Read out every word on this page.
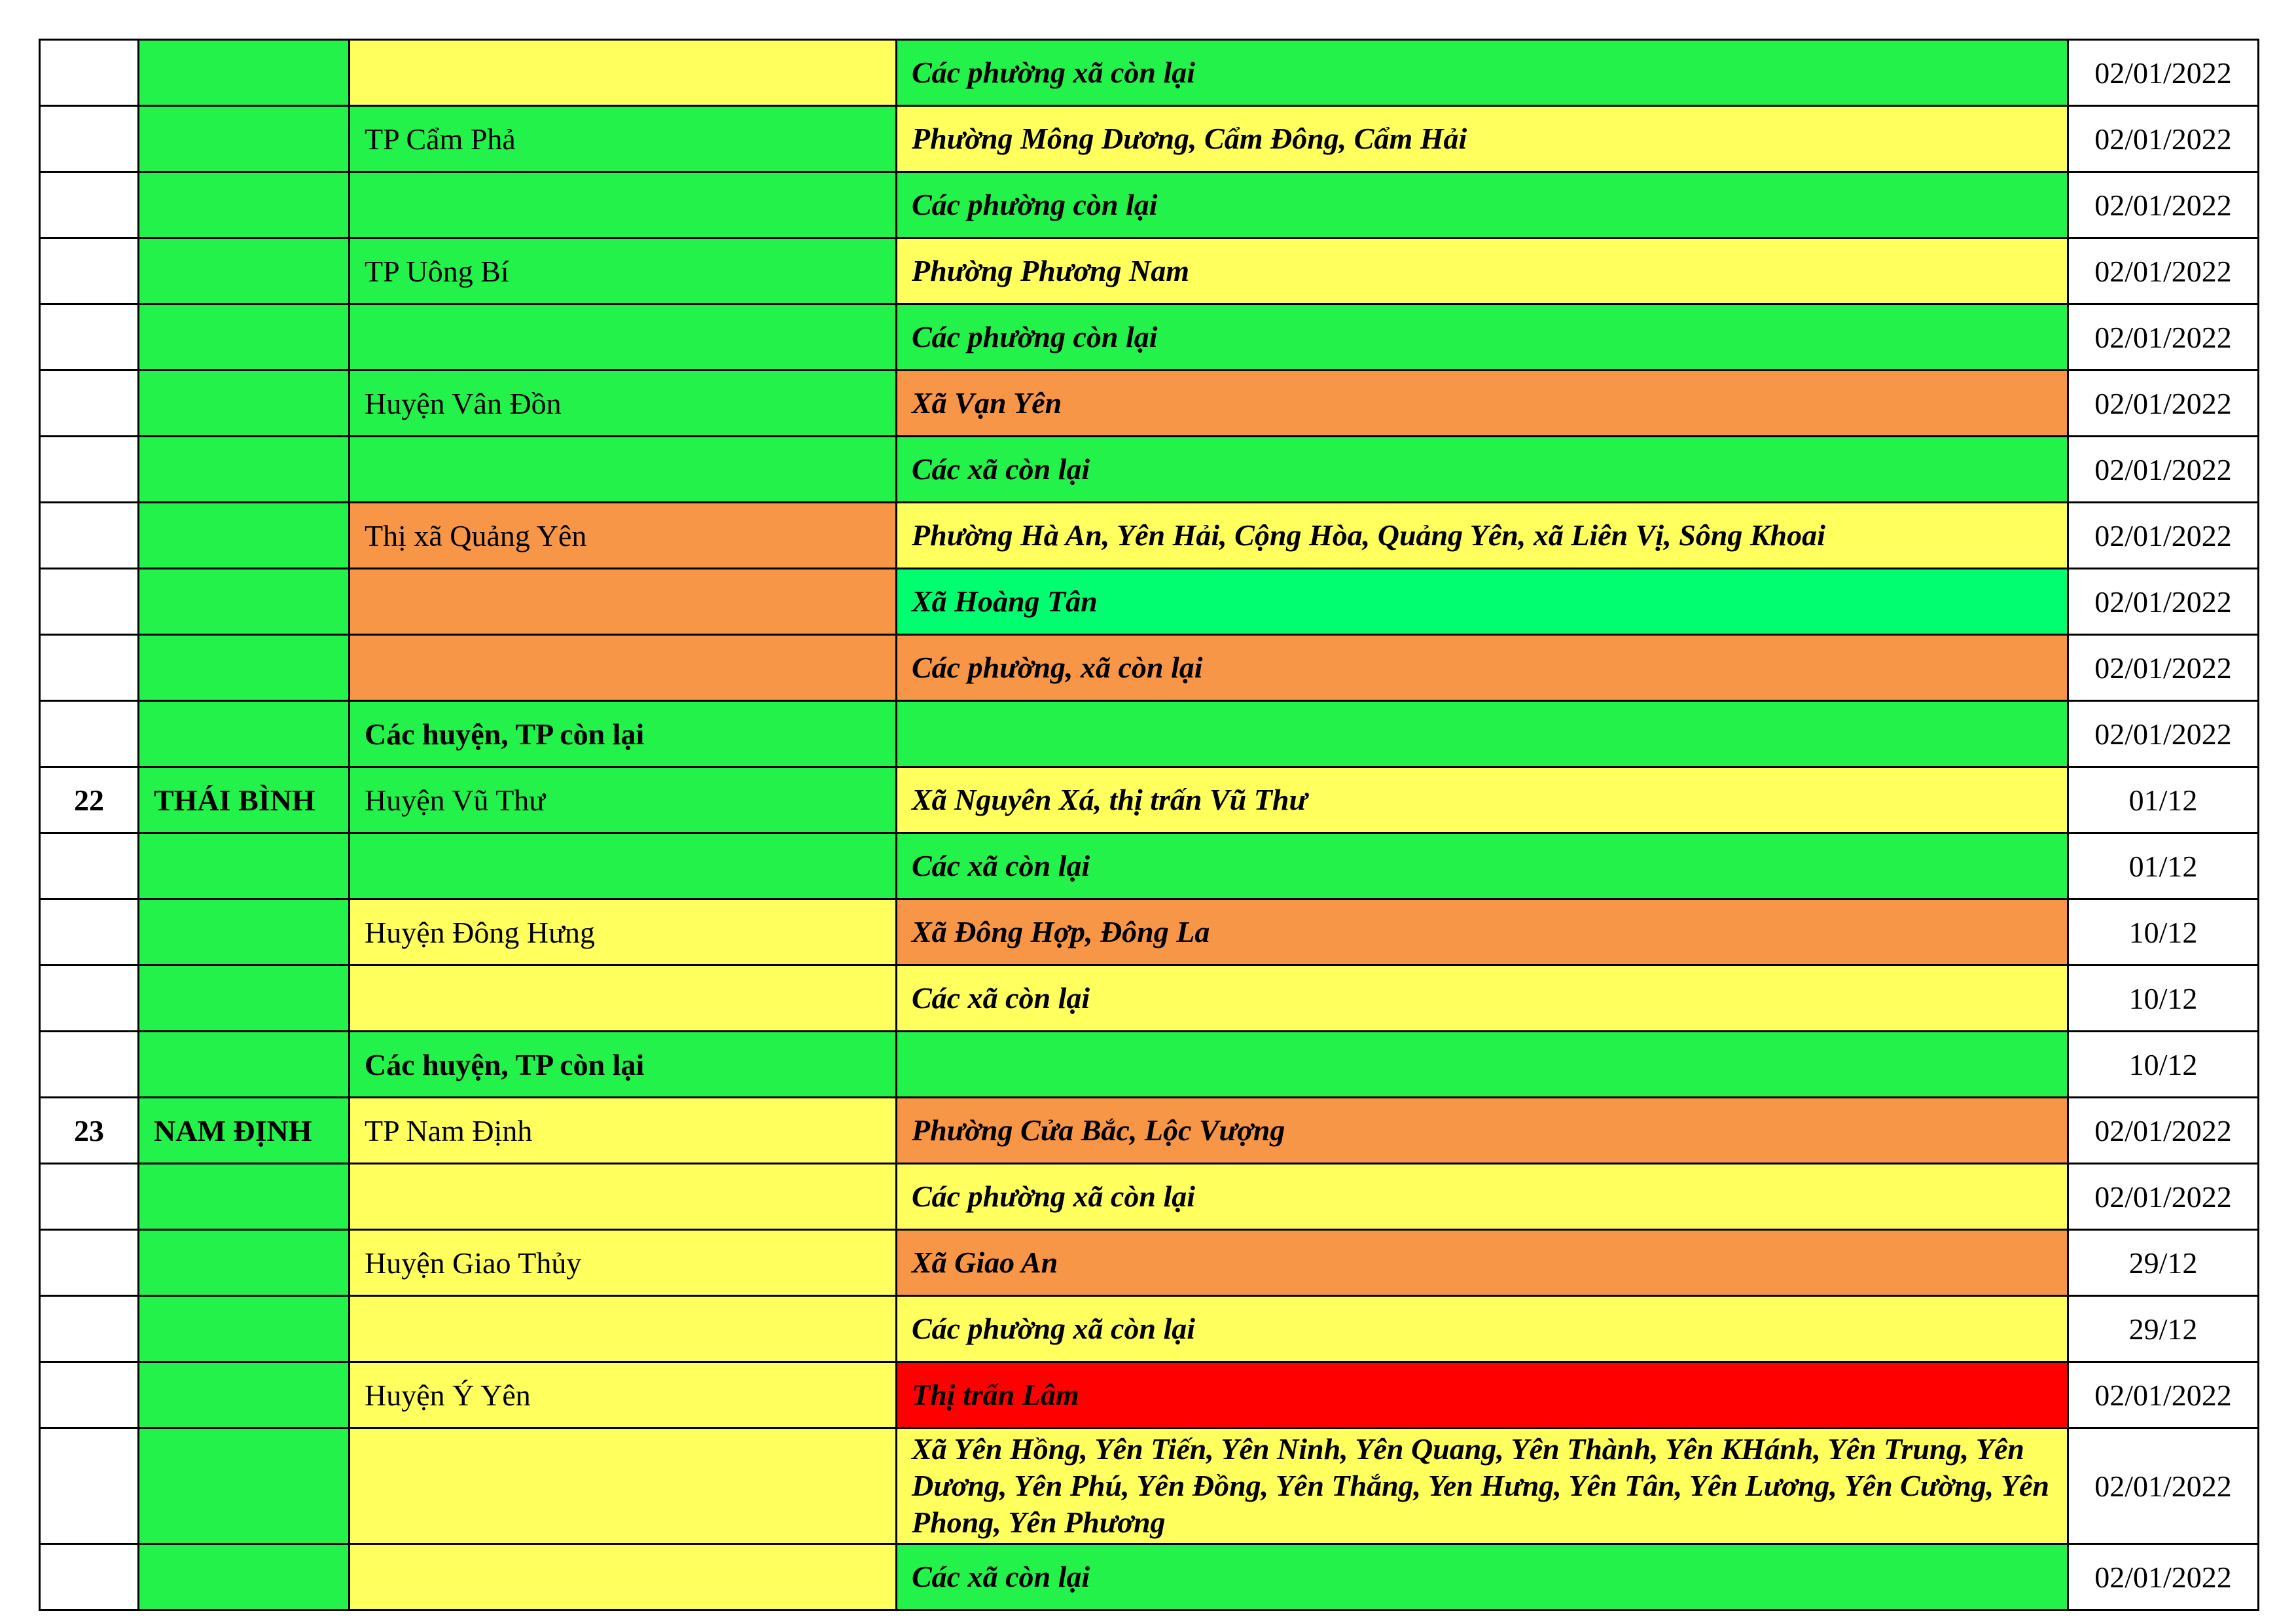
			Các phường xã còn lại	02/01/2022
		TP Cẩm Phả	Phường Mông Dương, Cẩm Đông, Cẩm Hải	02/01/2022
			Các phường còn lại	02/01/2022
		TP Uông Bí	Phường Phương Nam	02/01/2022
			Các phường còn lại	02/01/2022
		Huyện Vân Đồn	Xã Vạn Yên	02/01/2022
			Các xã còn lại	02/01/2022
		Thị xã Quảng Yên	Phường Hà An, Yên Hải, Cộng Hòa, Quảng Yên, xã Liên Vị, Sông Khoai	02/01/2022
			Xã Hoàng Tân	02/01/2022
			Các phường, xã còn lại	02/01/2022
		Các huyện, TP còn lại		02/01/2022
22	THÁI BÌNH	Huyện Vũ Thư	Xã Nguyên Xá, thị trấn Vũ Thư	01/12
			Các xã còn lại	01/12
		Huyện Đông Hưng	Xã Đông Hợp, Đông La	10/12
			Các xã còn lại	10/12
		Các huyện, TP còn lại		10/12
23	NAM ĐỊNH	TP Nam Định	Phường Cửa Bắc, Lộc Vượng	02/01/2022
			Các phường xã còn lại	02/01/2022
		Huyện Giao Thủy	Xã Giao An	29/12
			Các phường xã còn lại	29/12
		Huyện Ý Yên	Thị trấn Lâm	02/01/2022
			Xã Yên Hồng, Yên Tiến, Yên Ninh, Yên Quang, Yên Thành, Yên KHánh, Yên Trung, Yên Dương, Yên Phú, Yên Đồng, Yên Thắng, Yen Hưng, Yên Tân, Yên Lương, Yên Cường, Yên Phong, Yên Phương	02/01/2022
			Các xã còn lại	02/01/2022
